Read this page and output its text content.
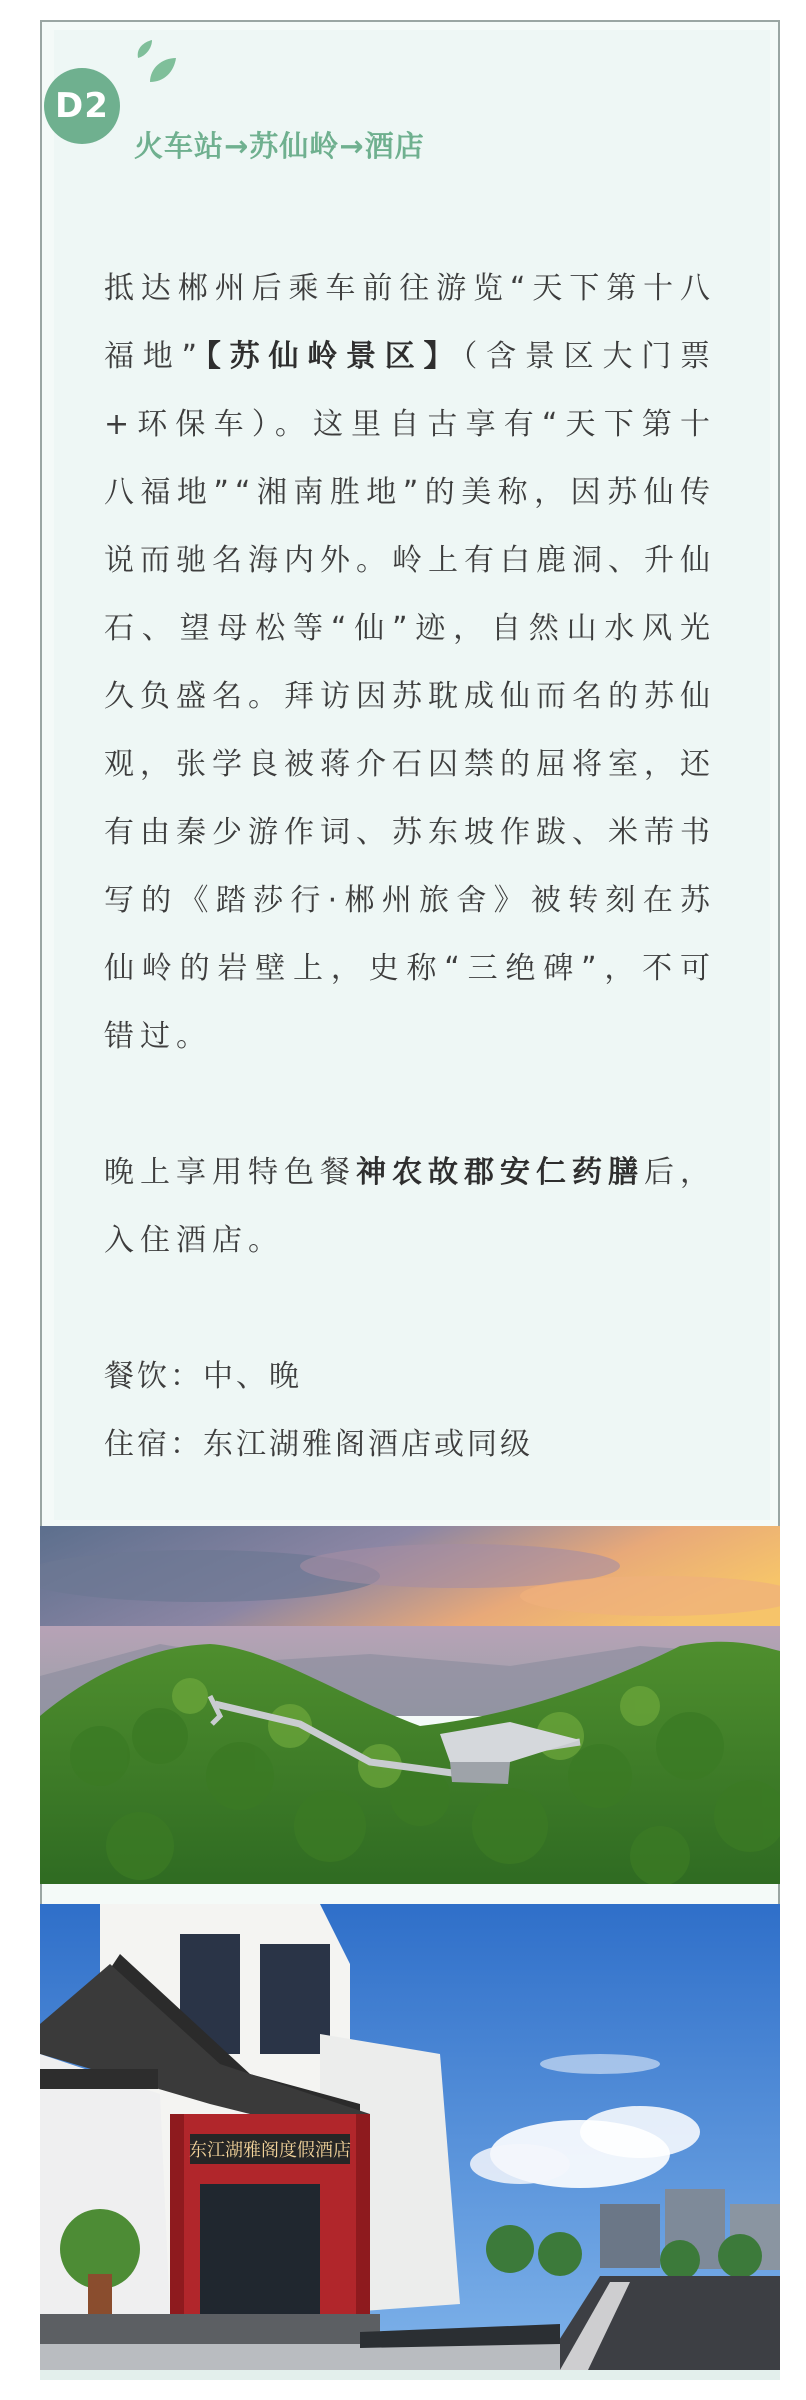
D2
火车站→苏仙岭→酒店

抵达郴州后乘车前往游览“天下第十八福地”【苏仙岭景区】（含景区大门票+环保车）。这里自古享有“天下第十八福地”“湘南胜地”的美称，因苏仙传说而驰名海内外。岭上有白鹿洞、升仙石、望母松等“仙”迹，自然山水风光久负盛名。拜访因苏耽成仙而名的苏仙观，张学良被蒋介石囚禁的屈将室，还有由秦少游作词、苏东坡作跋、米芾书写的《踏莎行·郴州旅舍》被转刻在苏仙岭的岩壁上，史称“三绝碑”，不可错过。

晚上享用特色餐神农故郡安仁药膳后，入住酒店。

餐饮：中、晚

住宿：东江湖雅阁酒店或同级

东江湖雅阁度假酒店
